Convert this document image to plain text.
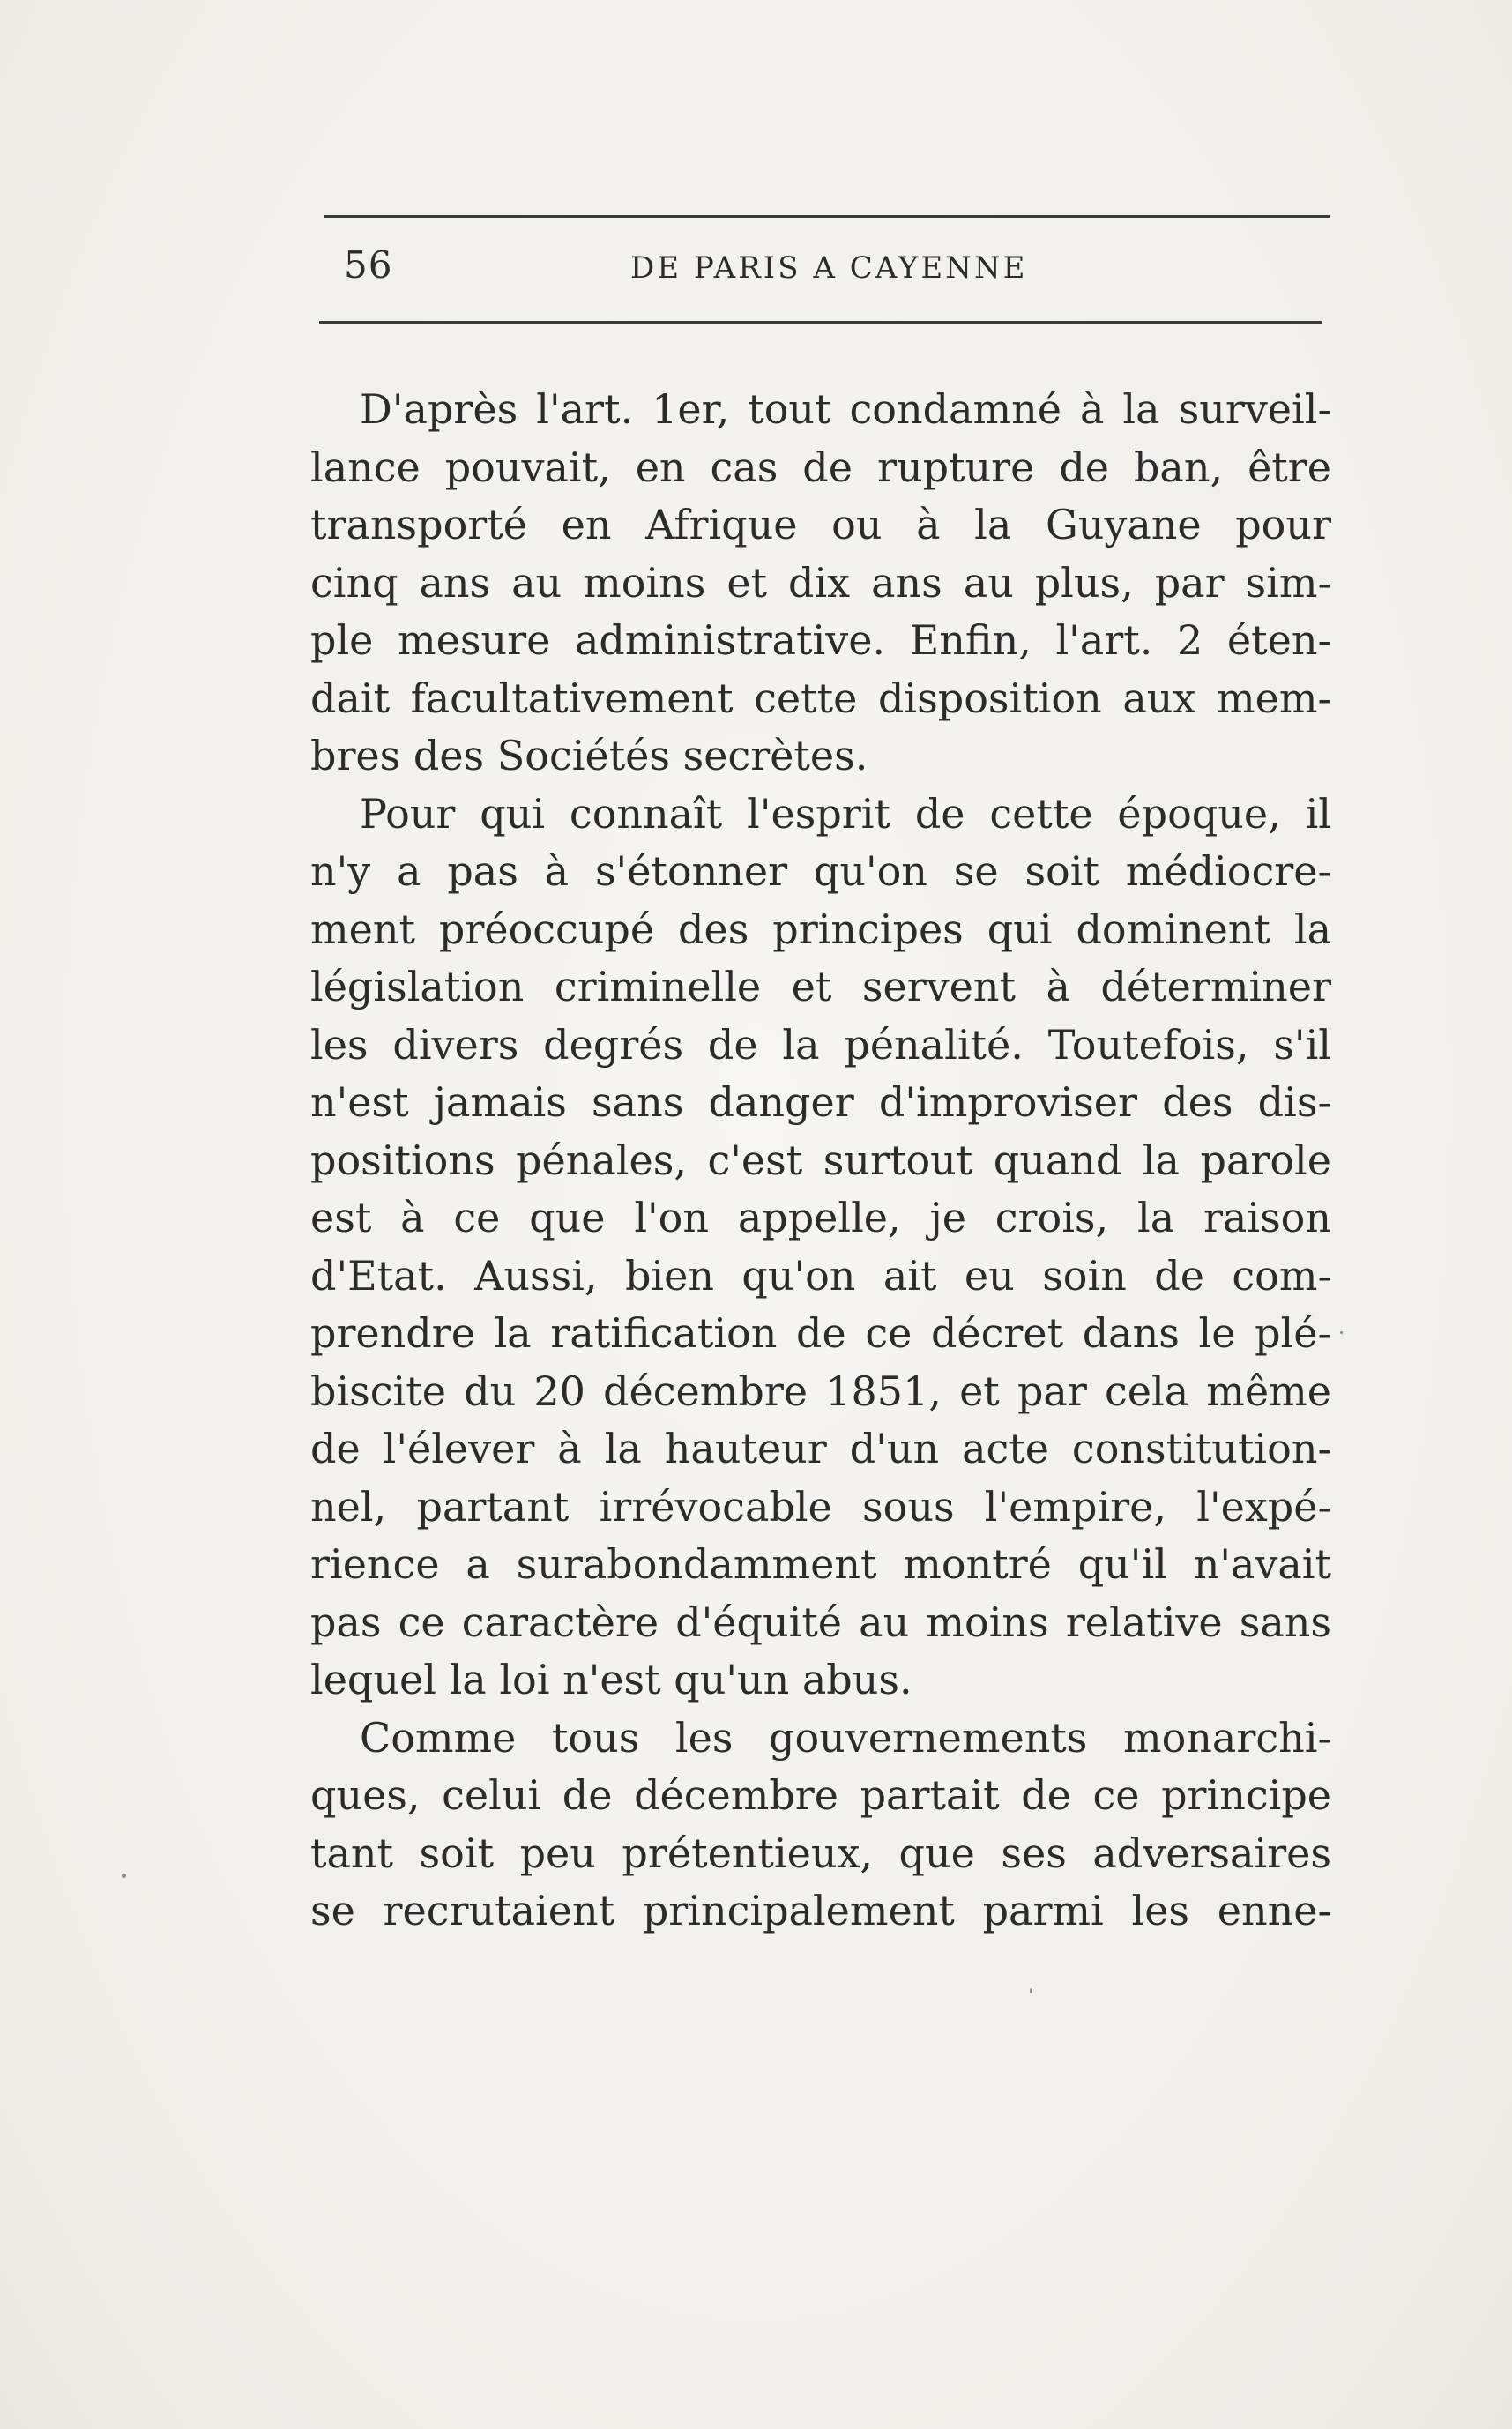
56	DE PARIS A CAYENNE
D'après l'art. 1er, tout condamné à la surveil-
lance pouvait, en cas de rupture de ban, être
transporté en Afrique ou à la Guyane pour
cinq ans au moins et dix ans au plus, par sim-
ple mesure administrative. Enfin, l'art. 2 éten-
dait facultativement cette disposition aux mem-
bres des Sociétés secrètes.
Pour qui connaît l'esprit de cette époque, il
n'y a pas à s'étonner qu'on se soit médiocre-
ment préoccupé des principes qui dominent la
législation criminelle et servent à déterminer
les divers degrés de la pénalité. Toutefois, s'il
n'est jamais sans danger d'improviser des dis-
positions pénales, c'est surtout quand la parole
est à ce que l'on appelle, je crois, la raison
d'Etat. Aussi, bien qu'on ait eu soin de com-
prendre la ratification de ce décret dans le plé-
biscite du 20 décembre 1851, et par cela même
de l'élever à la hauteur d'un acte constitution-
nel, partant irrévocable sous l'empire, l'expé-
rience a surabondamment montré qu'il n'avait
pas ce caractère d'équité au moins relative sans
lequel la loi n'est qu'un abus.
Comme tous les gouvernements monarchi-
ques, celui de décembre partait de ce principe
tant soit peu prétentieux, que ses adversaires
se recrutaient principalement parmi les enne-
